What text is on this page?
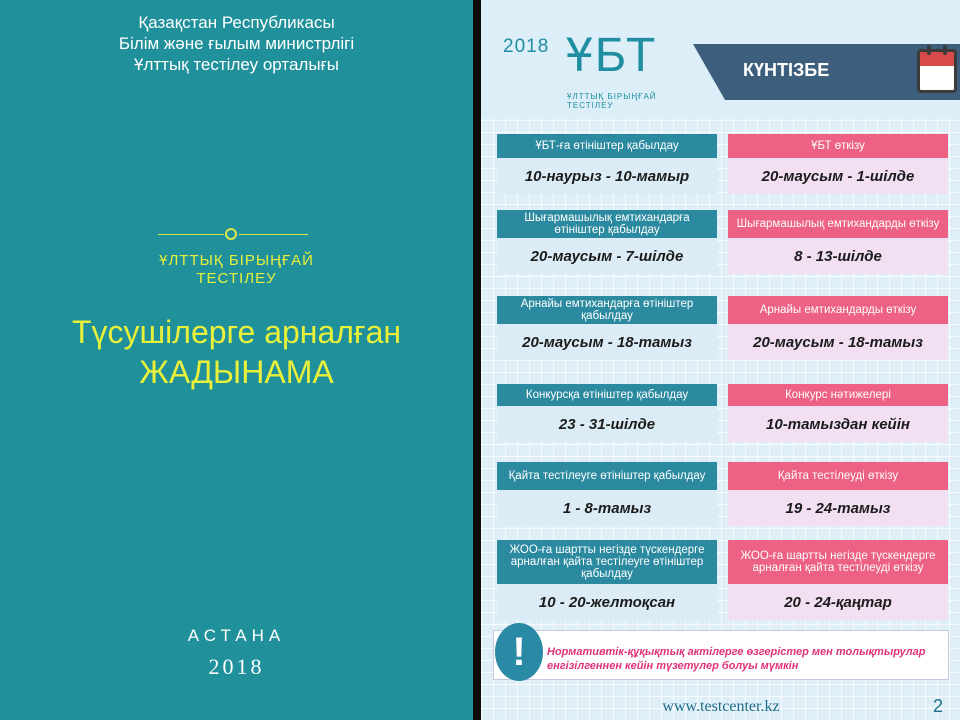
Қазақстан Республикасы
Білім және ғылым министрлігі
Ұлттық тестілеу орталығы
ҰЛТТЫҚ БІРЫҢҒАЙ
ТЕСТІЛЕУ
Түсушілерге арналған
ЖАДЫНАМА
АСТАНА
2018
2018 ҰБТ
ҰЛТТЫҚ БІРЫҢҒАЙ
ТЕСТІЛЕУ
КҮНТІЗБЕ
ҰБТ-ға өтініштер қабылдау
10-наурыз - 10-мамыр
ҰБТ өткізу
20-маусым - 1-шілде
Шығармашылық емтихандарға өтініштер қабылдау
20-маусым - 7-шілде
Шығармашылық емтихандарды өткізу
8 - 13-шілде
Арнайы емтихандарға өтініштер қабылдау
20-маусым - 18-тамыз
Арнайы емтихандарды өткізу
20-маусым - 18-тамыз
Конкурсқа өтініштер қабылдау
23 - 31-шілде
Конкурс нәтижелері
10-тамыздан кейін
Қайта тестілеуге өтініштер қабылдау
1 - 8-тамыз
Қайта тестілеуді өткізу
19 - 24-тамыз
ЖОО-ға шартты негізде түскендерге арналған қайта тестілеуге өтініштер қабылдау
10 - 20-желтоқсан
ЖОО-ға шартты негізде түскендерге арналған қайта тестілеуді өткізу
20 - 24-қаңтар
!	Нормативтік-құқықтық актілерге өзгерістер мен толықтырулар енгізілгеннен кейін түзетулер болуы мүмкін
www.testcenter.kz	2
